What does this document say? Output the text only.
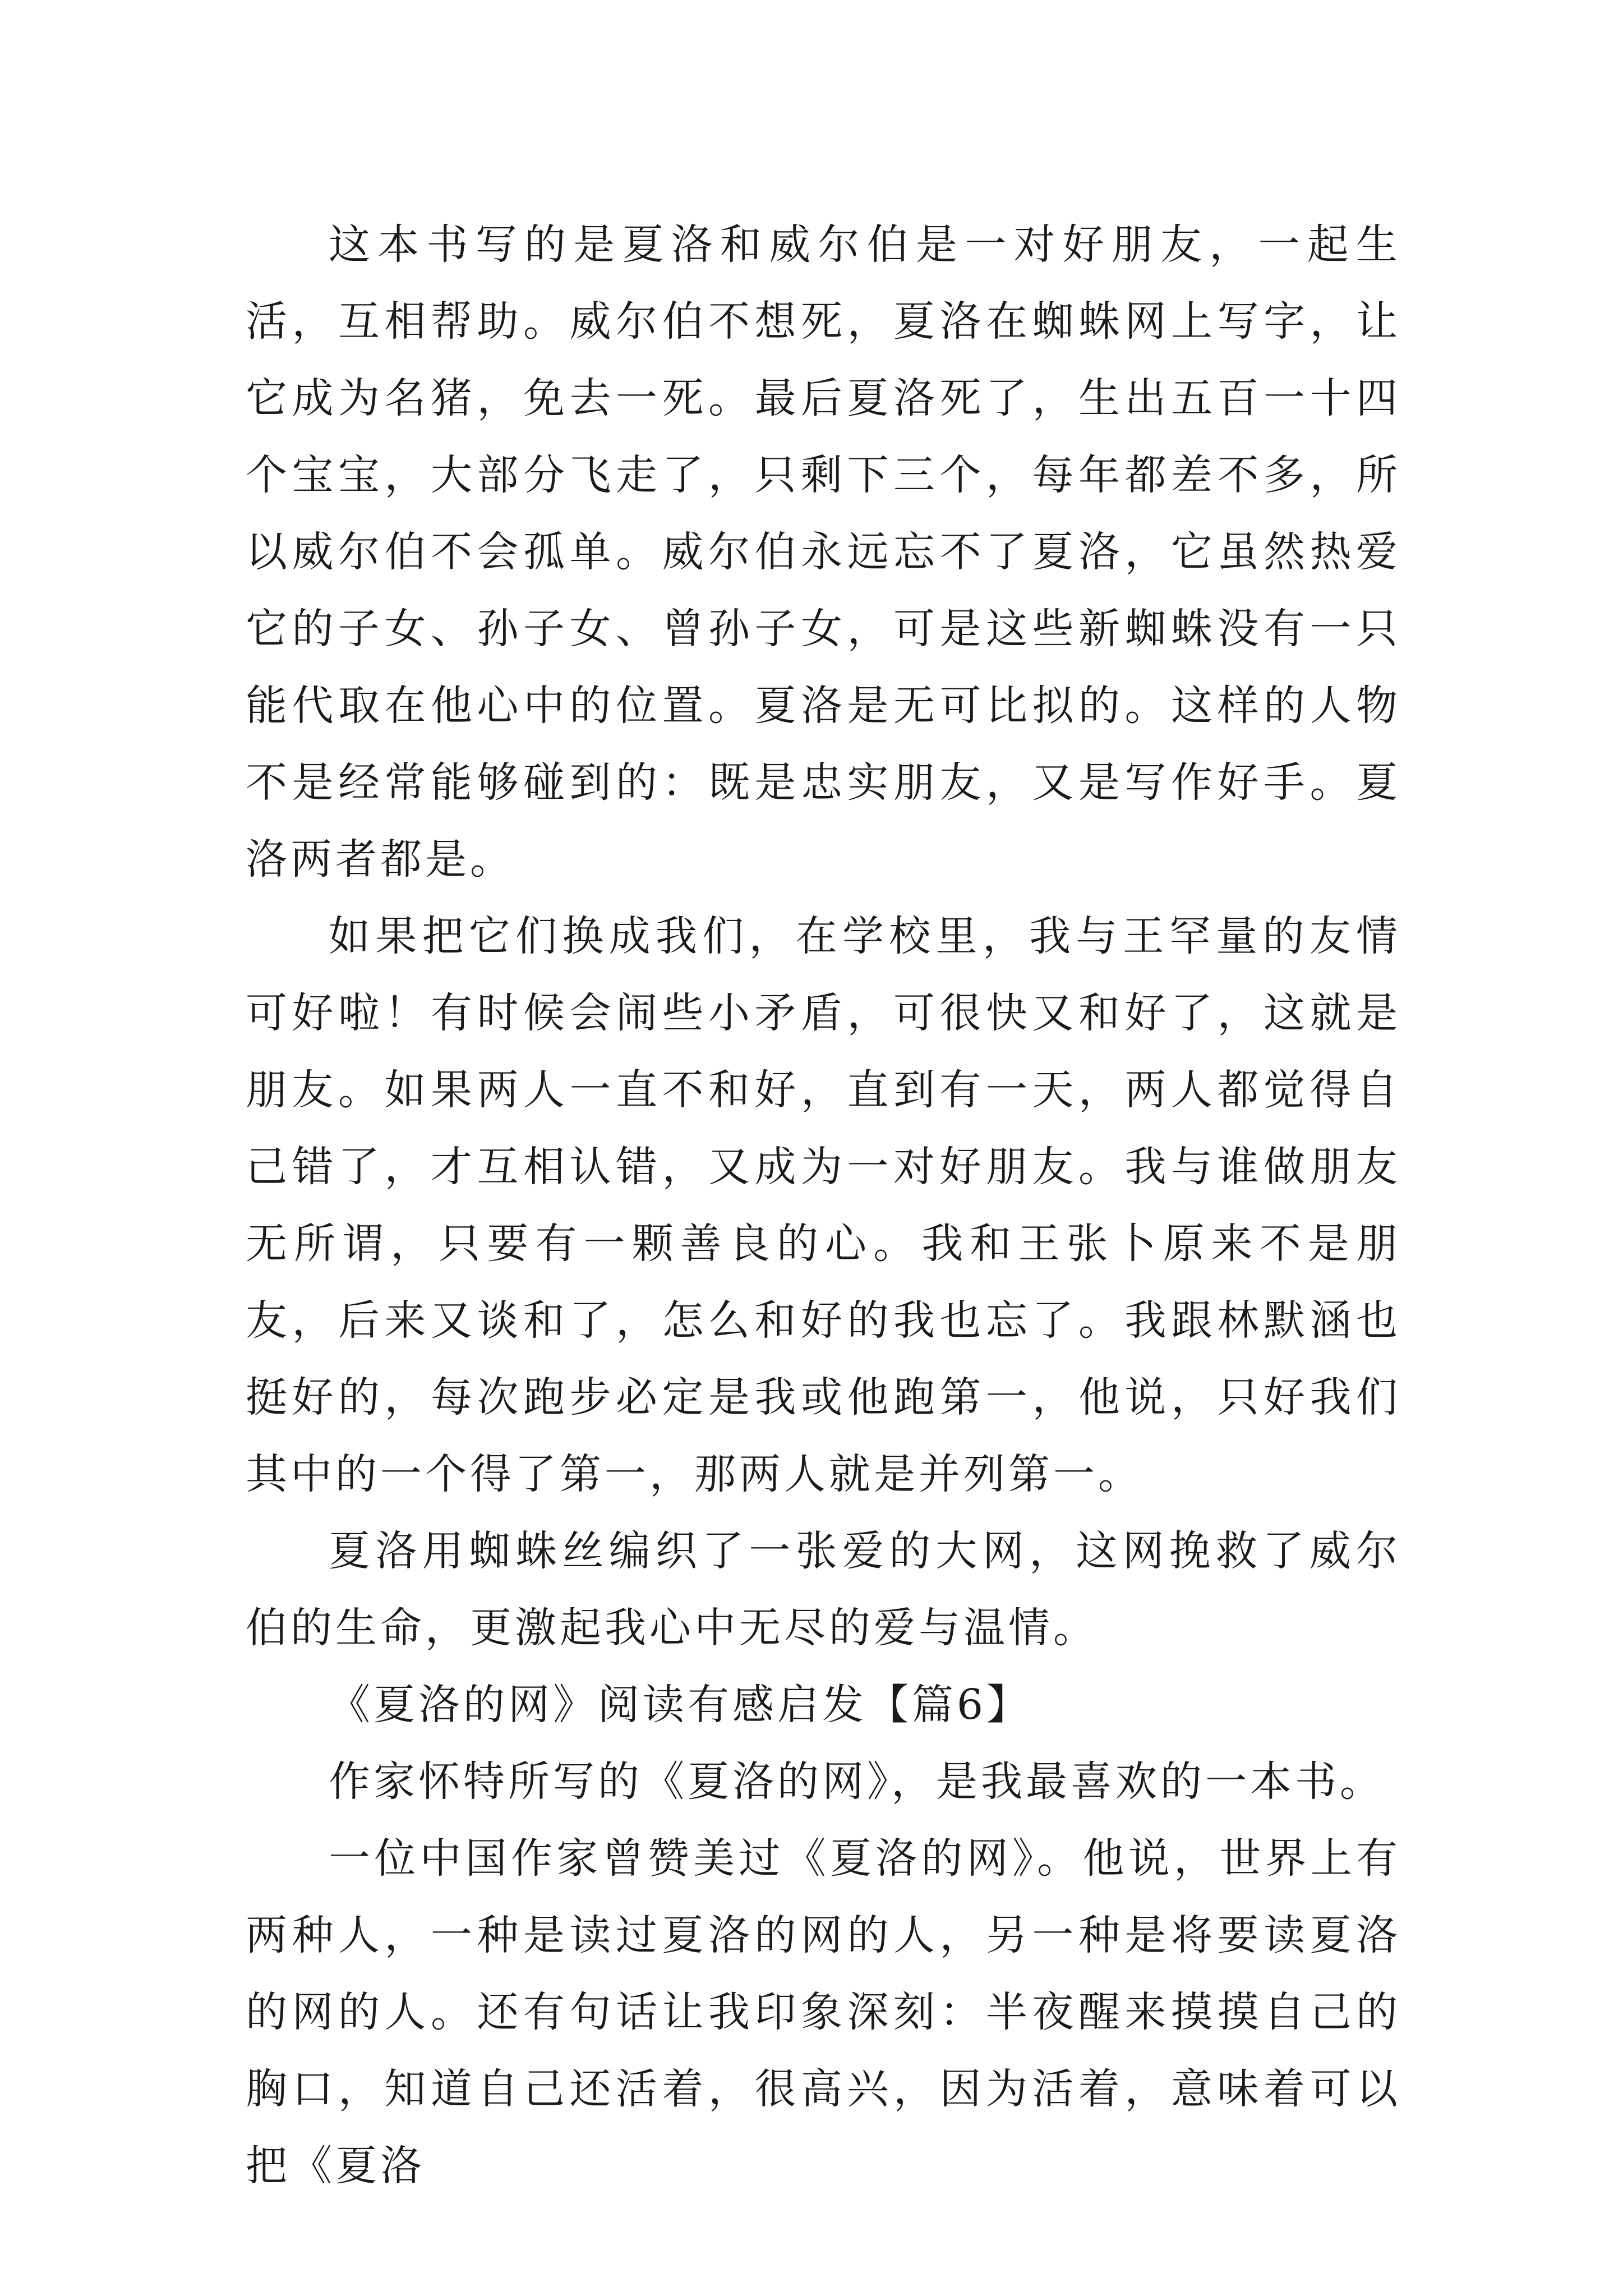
这本书写的是夏洛和威尔伯是一对好朋友，一起生活，互相帮助。威尔伯不想死，夏洛在蜘蛛网上写字，让它成为名猪，免去一死。最后夏洛死了，生出五百一十四个宝宝，大部分飞走了，只剩下三个，每年都差不多，所以威尔伯不会孤单。威尔伯永远忘不了夏洛，它虽然热爱它的子女、孙子女、曾孙子女，可是这些新蜘蛛没有一只能代取在他心中的位置。夏洛是无可比拟的。这样的人物不是经常能够碰到的：既是忠实朋友，又是写作好手。夏洛两者都是。

如果把它们换成我们，在学校里，我与王罕量的友情可好啦！有时候会闹些小矛盾，可很快又和好了，这就是朋友。如果两人一直不和好，直到有一天，两人都觉得自己错了，才互相认错，又成为一对好朋友。我与谁做朋友无所谓，只要有一颗善良的心。我和王张卜原来不是朋友，后来又谈和了，怎么和好的我也忘了。我跟林默涵也挺好的，每次跑步必定是我或他跑第一，他说，只好我们其中的一个得了第一，那两人就是并列第一。

夏洛用蜘蛛丝编织了一张爱的大网，这网挽救了威尔伯的生命，更激起我心中无尽的爱与温情。

《夏洛的网》阅读有感启发【篇6】

作家怀特所写的《夏洛的网》，是我最喜欢的一本书。

一位中国作家曾赞美过《夏洛的网》。他说，世界上有两种人，一种是读过夏洛的网的人，另一种是将要读夏洛的网的人。还有句话让我印象深刻：半夜醒来摸摸自己的胸口，知道自己还活着，很高兴，因为活着，意味着可以把《夏洛
